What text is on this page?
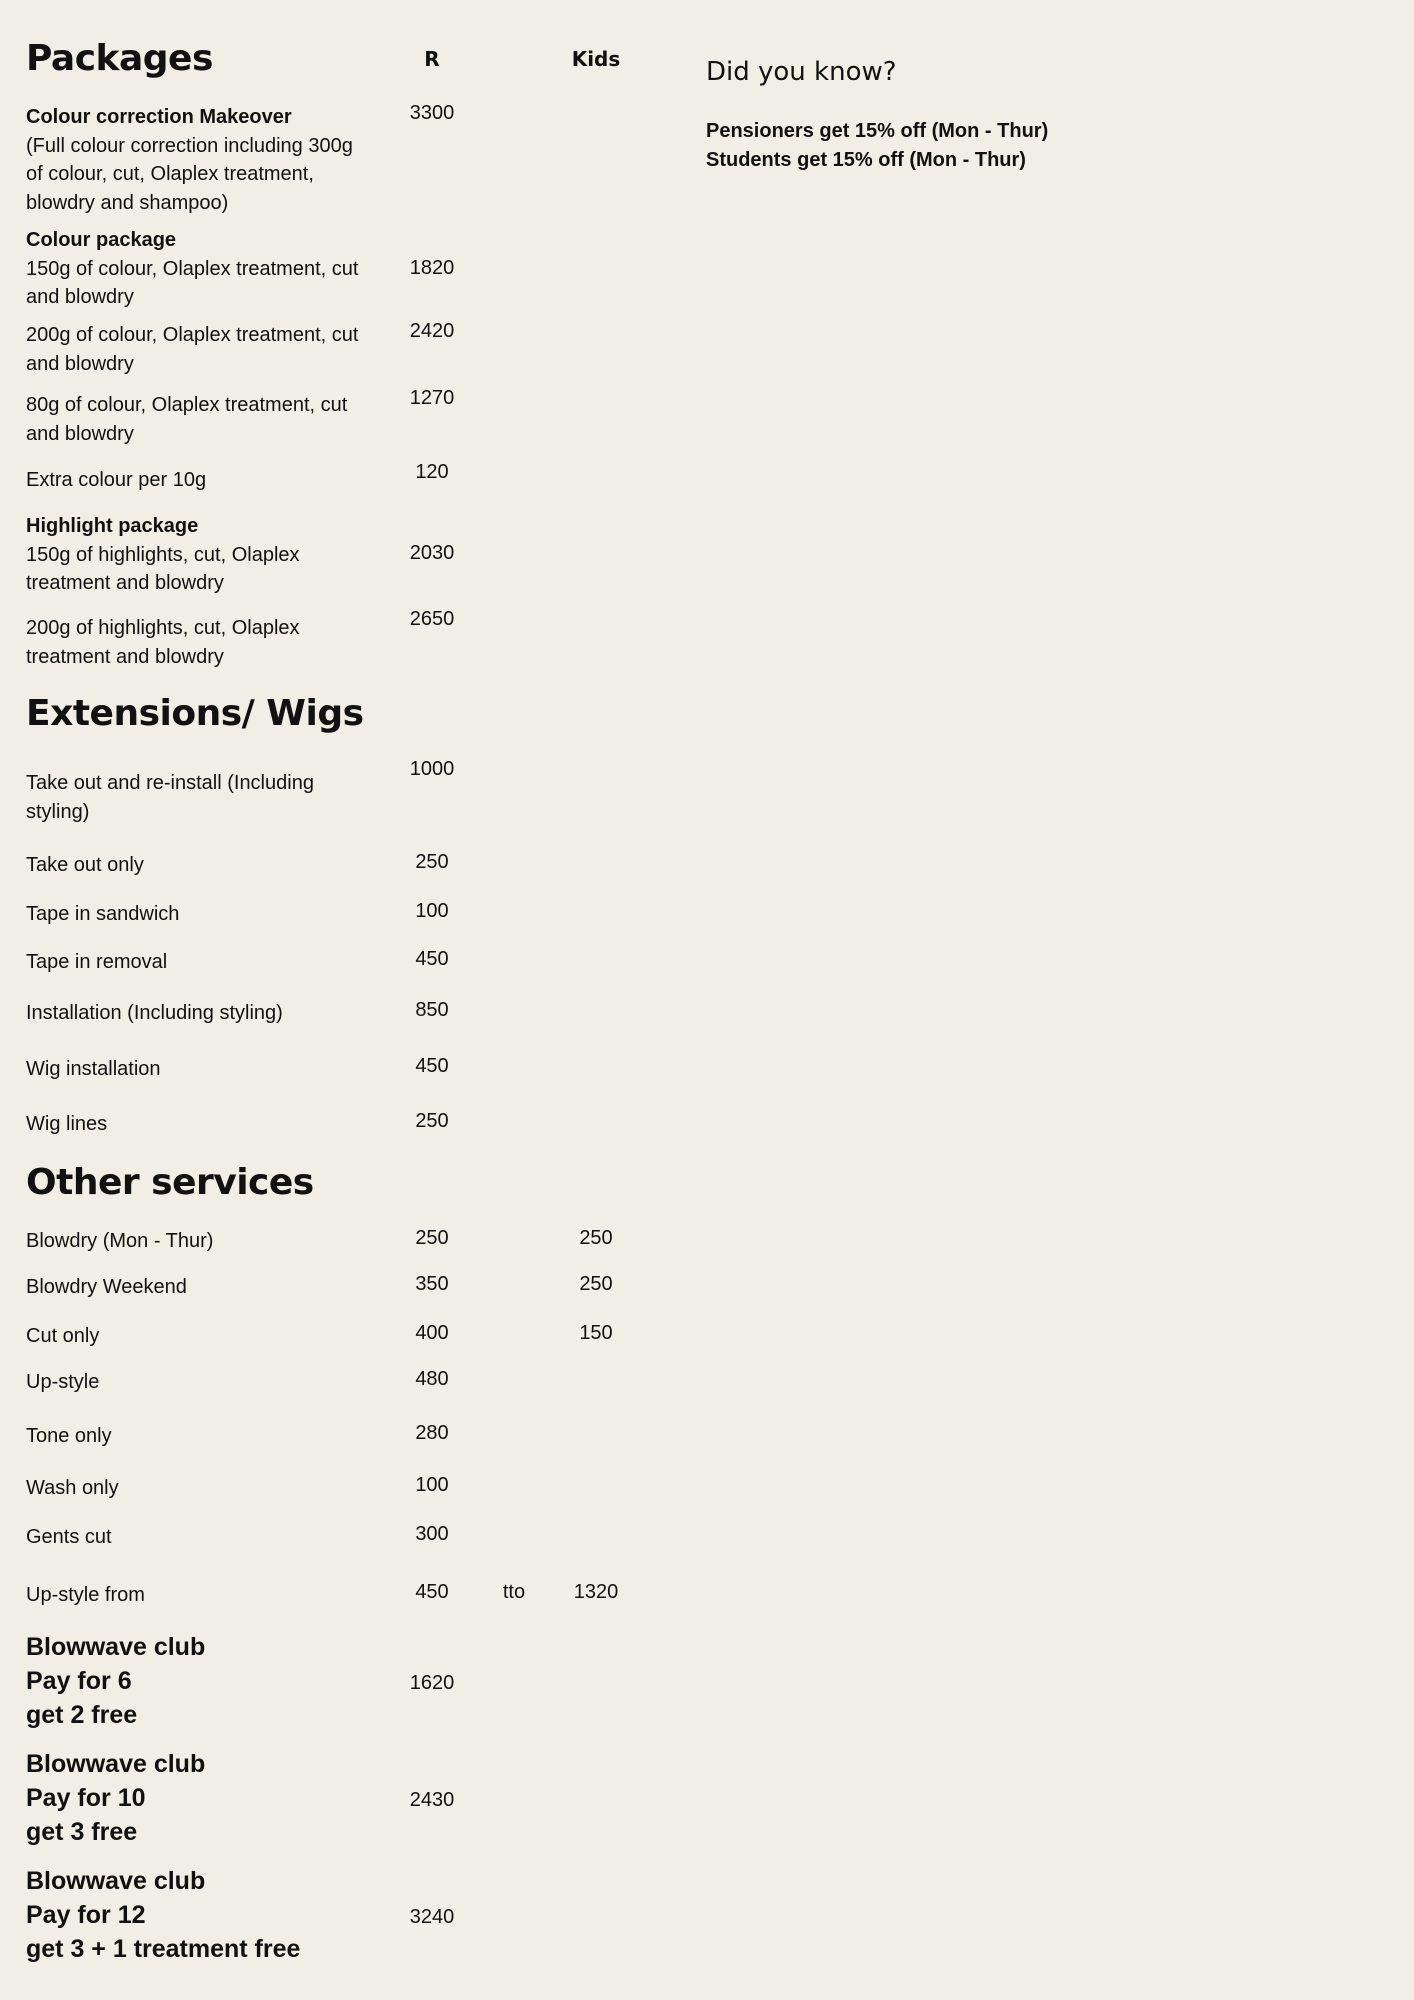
R	Kids
Packages
Colour correction Makeover
(Full colour correction including 300g
of colour, cut, Olaplex treatment,
blowdry and shampoo)
3300
Colour package
150g of colour, Olaplex treatment, cut
and blowdry
1820
200g of colour, Olaplex treatment, cut
and blowdry
2420
80g of colour, Olaplex treatment, cut
and blowdry
1270
Extra colour per 10g	120
Highlight package
150g of highlights, cut, Olaplex
treatment and blowdry
2030
200g of highlights, cut, Olaplex
treatment and blowdry
2650
Extensions/ Wigs
Take out and re-install (Including
styling)
1000
Take out only	250
Tape in sandwich	100
Tape in removal	450
Installation (Including styling)	850
Wig installation	450
Wig lines	250
Other services
Blowdry (Mon - Thur)	250	250
Blowdry Weekend	350	250
Cut only	400	150
Up-style	480
Tone only	280
Wash only	100
Gents cut	300
Up-style from	450	tto	1320
Blowwave club
Pay for 6
get 2 free
1620
Blowwave club
Pay for 10
get 3 free
2430
Blowwave club
Pay for 12
get 3 + 1 treatment free
3240
Did you know?
Pensioners get 15% off (Mon - Thur)
Students get 15% off (Mon - Thur)
